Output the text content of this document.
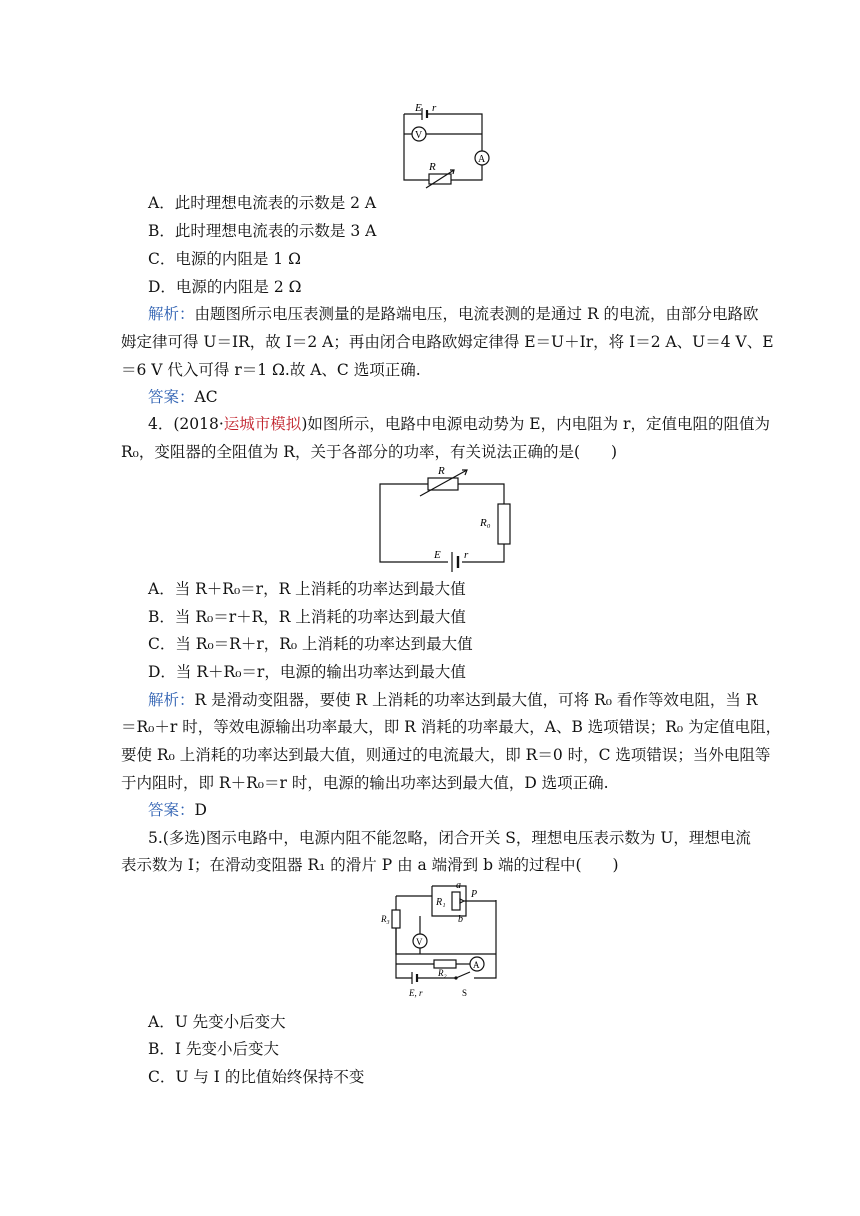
E r
V
A
R
A．此时理想电流表的示数是 2 A
B．此时理想电流表的示数是 3 A
C．电源的内阻是 1 Ω
D．电源的内阻是 2 Ω
解析：由题图所示电压表测量的是路端电压，电流表测的是通过 R 的电流，由部分电路欧
姆定律可得 U＝IR，故 I＝2 A；再由闭合电路欧姆定律得 E＝U＋Ir，将 I＝2 A、U＝4 V、E
＝6 V 代入可得 r＝1 Ω.故 A、C 选项正确.
答案：AC
4．(2018·运城市模拟)如图所示，电路中电源电动势为 E，内电阻为 r，定值电阻的阻值为
R₀，变阻器的全阻值为 R，关于各部分的功率，有关说法正确的是(　　)
R
R₀
E r
A．当 R＋R₀＝r，R 上消耗的功率达到最大值
B．当 R₀＝r＋R，R 上消耗的功率达到最大值
C．当 R₀＝R＋r，R₀ 上消耗的功率达到最大值
D．当 R＋R₀＝r，电源的输出功率达到最大值
解析：R 是滑动变阻器，要使 R 上消耗的功率达到最大值，可将 R₀ 看作等效电阻，当 R
＝R₀＋r 时，等效电源输出功率最大，即 R 消耗的功率最大，A、B 选项错误；R₀ 为定值电阻，
要使 R₀ 上消耗的功率达到最大值，则通过的电流最大，即 R＝0 时，C 选项错误；当外电阻等
于内阻时，即 R＋R₀＝r 时，电源的输出功率达到最大值，D 选项正确.
答案：D
5.(多选)图示电路中，电源内阻不能忽略，闭合开关 S，理想电压表示数为 U，理想电流
表示数为 I；在滑动变阻器 R₁ 的滑片 P 由 a 端滑到 b 端的过程中(　　)
R₁
a
b
P
R₃
V
A
R₂
E, r	S
A．U 先变小后变大
B．I 先变小后变大
C．U 与 I 的比值始终保持不变
